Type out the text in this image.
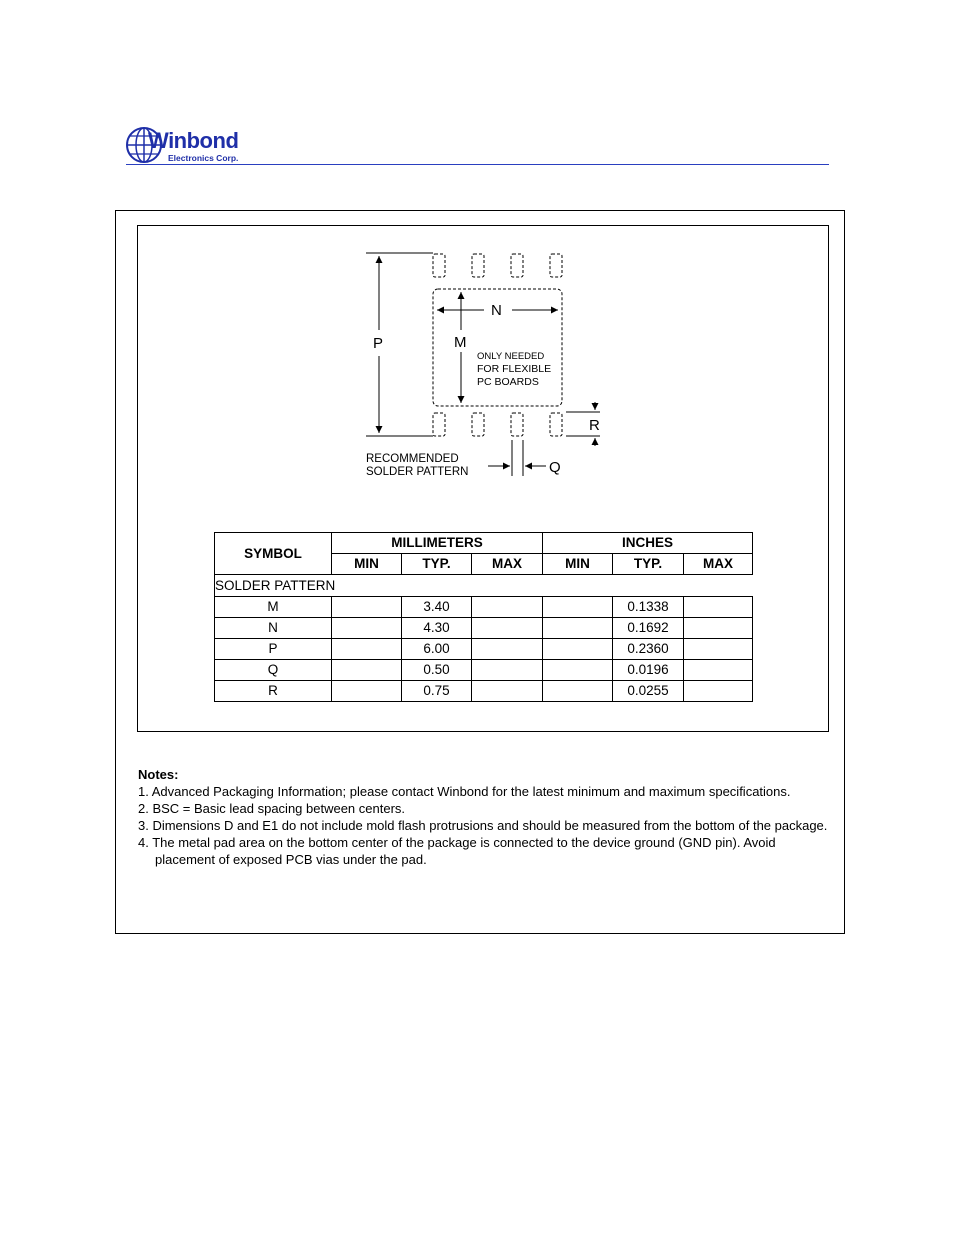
Winbond
Electronics Corp.
P	M
N
ONLY NEEDED
FOR FLEXIBLE
PC BOARDS
R
Q
RECOMMENDED
SOLDER PATTERN
SYMBOL	MILLIMETERS			INCHES		
	MIN	TYP.	MAX	MIN	TYP.	MAX
SOLDER PATTERN						
M		3.40			0.1338	
N		4.30			0.1692	
P		6.00			0.2360	
Q		0.50			0.0196	
R		0.75			0.0255	
Notes:
1. Advanced Packaging Information; please contact Winbond for the latest minimum and maximum specifications.
2. BSC = Basic lead spacing between centers.
3. Dimensions D and E1 do not include mold flash protrusions and should be measured from the bottom of the package.
4. The metal pad area on the bottom center of the package is connected to the device ground (GND pin). Avoid placement of exposed PCB vias under the pad.
